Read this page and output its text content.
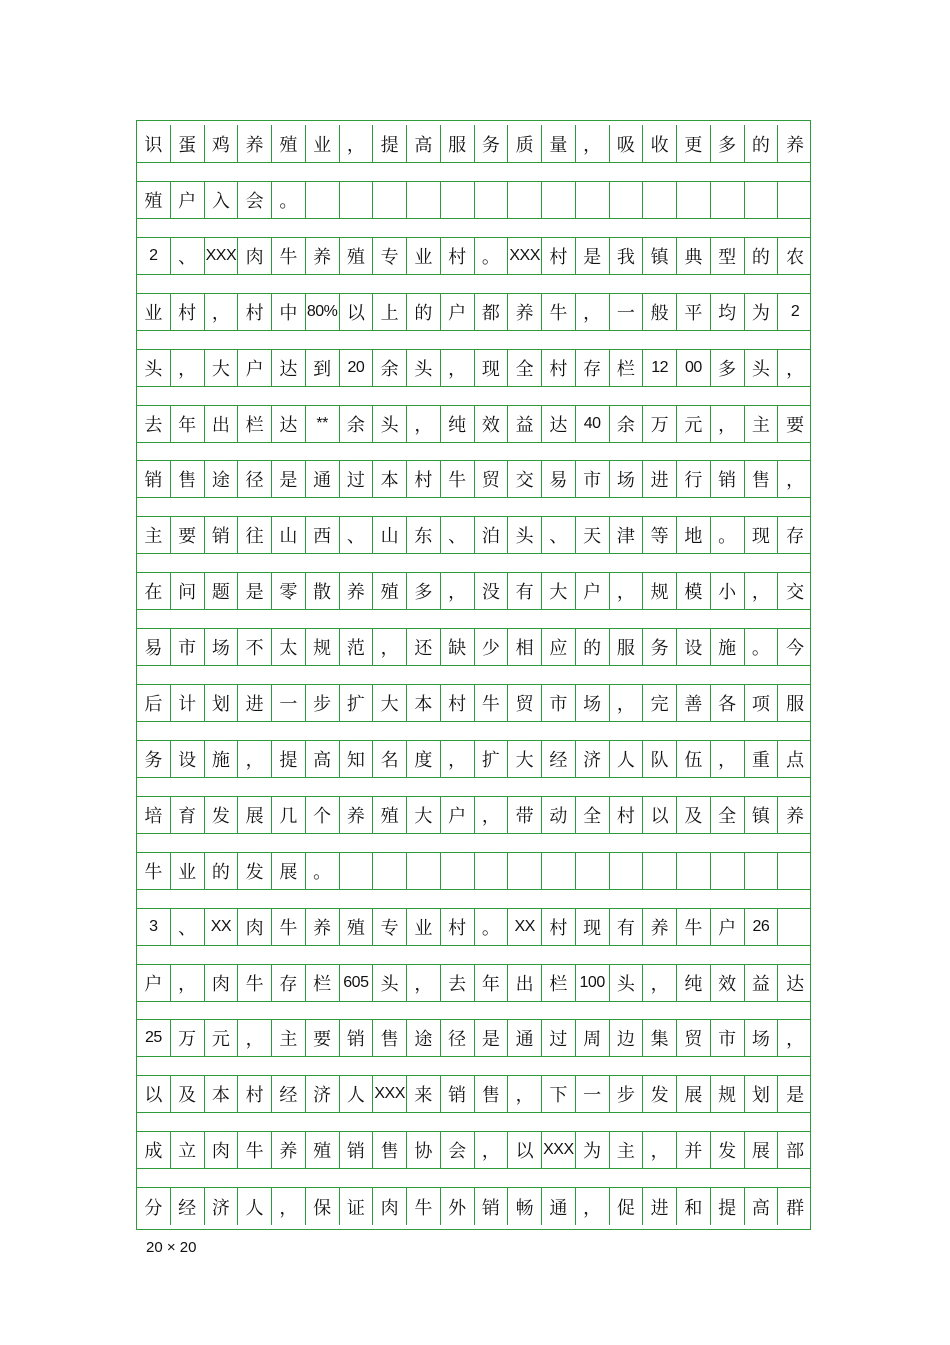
识 蛋 鸡 养 殖 业 ， 提 高 服 务 质 量 ， 吸 收 更 多 的 养
殖 户 入 会 。
2	、 XXX 肉 牛 养 殖 专 业 村 。 XXX 村 是 我 镇 典 型 的 农
业 村 ， 村 中 80% 以 上 的 户 都 养 牛 ， 一 般 平 均 为	2
头 ， 大 户 达 到	20 余 头 ， 现 全 村 存 栏	12	00 多 头 ，
去 年 出 栏 达	**	余 头 ， 纯 效 益 达	40 余 万 元 ， 主 要
销 售 途 径 是 通 过 本 村 牛 贸 交 易 市 场 进 行 销 售 ，
主 要 销 往 山 西 、 山 东 、 泊 头 、 天 津 等 地 。 现 存
在 问 题 是 零 散 养 殖 多 ， 没 有 大 户 ， 规 模 小 ， 交
易 市 场 不 太 规 范 ， 还 缺 少 相 应 的 服 务 设 施 。 今
后 计 划 进 一 步 扩 大 本 村 牛 贸 市 场 ， 完 善 各 项 服
务 设 施 ， 提 高 知 名 度 ， 扩 大 经 济 人 队 伍 ， 重 点
培 育 发 展 几 个 养 殖 大 户 ， 带 动 全 村 以 及 全 镇 养
牛 业 的 发 展 。
3	、 XX 肉 牛 养 殖 专 业 村 。 XX 村 现 有 养 牛 户	26
户 ， 肉 牛 存 栏 605 头 ， 去 年 出 栏 100 头 ， 纯 效 益 达
25 万 元 ， 主 要 销 售 途 径 是 通 过 周 边 集 贸 市 场 ，
以 及 本 村 经 济 人 XXX 来 销 售 ， 下 一 步 发 展 规 划 是
成 立 肉 牛 养 殖 销 售 协 会 ， 以 XXX 为 主 ， 并 发 展 部
分 经 济 人 ， 保 证 肉 牛 外 销 畅 通 ， 促 进 和 提 高 群
20 × 20
